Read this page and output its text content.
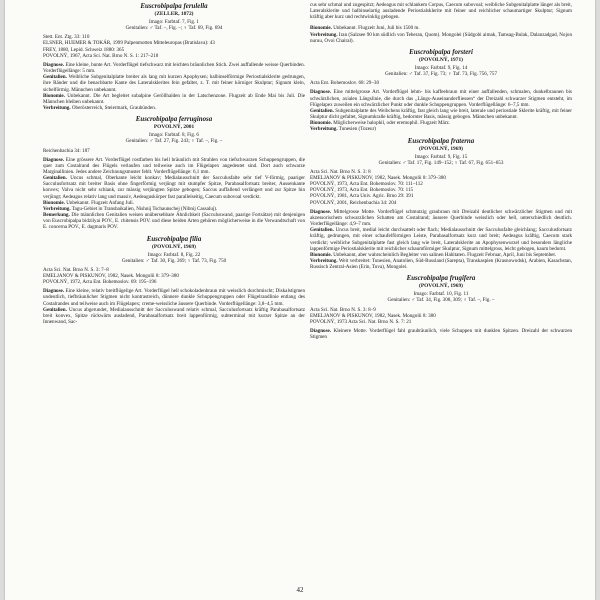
Euscrobipalpa ferulella
(ZELLER, 1872)
Imago: Farbtaf. 7, Fig. 1
Genitalien: ♂ Taf. –, Fig. –; ♀ Taf. 69, Fig. 694
Stett. Ent. Ztg. 33: 110
ELSNER, HUEMER & TOKÁR, 1999 Palpenmotten Mitteleuropas (Bratislava): 43
FREY, 1880, Lepid. Schweiz 1880: 365
POVOLNÝ, 1967, Acta Sci. Nat. Brno N. S. 1: 217–218

Diagnose. Eine kleine, bunte Art. Vorderflügel tiefschwarz mit leichten bräunlichen Stich. Zwei auffallende weisse Querbinden. Vorderflügellänge: 5 mm.

Genitalien. Weibliche Subgenitalplatte breiter als lang mit kurzen Apophysen; halbinselförmige Periostialsklerite gedrungen, ihre Ränder und die benachbarte Kante des Lateralsklerites fein gefaltet, z. T. mit feiner körniger Skulptur; Signum klein, sichelförmig. Männchen unbekannt.

Bionomie. Unbekannt. Die Art begleitet subalpine Geröllhalden in der Latschenzone. Flugzeit ab Ende Mai bis Juli. Die Männchen bleiben unbekannt.

Verbreitung. Oberösterreich, Steiermark, Graubünden.

Euscrobipalpa ferruginosa
POVOLNÝ, 2001
Imago: Farbtaf. 8, Fig. 6
Genitalien: ♂ Taf. 27, Fig. 243; ♀ Taf. –, Fig. –
Reichenbachia 34: 187

Diagnose. Eine grössere Art. Vorderflügel rostfarben bis hell bräunlich mit Strahlen von tiefschwarzen Schuppengruppen, die quer zum Costalrand des Flügels verlaufen und teilweise auch im Flügelapex angedeutet sind. Dort auch schwarze Marginallinien. Jedes andere Zeichnungsmuster fehlt. Vorderflügellänge: 6,1 mm.

Genitalien. Uncus schmal, Oberkante leicht konkav; Medialausschnitt der Sacculusfalte sehr tief V-förmig, paariger Sacculusfortsatz mit breiter Basis ohne fingerförmig verjüngt mit stumpfer Spitze, Parabasalfortsatz breiter, Aussenkante konvex; Valva nicht sehr schlank, zur mässig verjüngten Spitze gebogen; Saccus auffallend verlängert und zur Spitze hin verjüngt; Aedeagus relativ lang und massiv, Aedeaguskörper fast parallelseitig, Caecum subovoal verdickt.

Bionomie. Unbekannt. Flugzeit Anfang Juli.

Verbreitung. Tagu-Gebiet in Transbaikalien, Nishnij Tschaunschej (Nibnij Cassaluj).

Bemerkung. Die männlichen Genitalien weisen unübersehbare Ähnlichkeit (Sacculuswand, paarige Fortsätze) mit denjenigen von Euscrobipalpa bidzilyai POV., E. chitensis POV. und diese beiden Arten gehören möglicherweise in die Verwandtschaft von E. concerna POV., E. dagmaris POV.

Euscrobipalpa filia
(POVOLNÝ, 1969)
Imago: Farbtaf. 8, Fig. 22
Genitalien: ♂ Taf. 30, Fig. 269; ♀ Taf. 73, Fig. 750
Acta Sci. Nat. Brno N. S. 3: 7–8
EMELJANOV & PISKUNOV, 1982, Nasek. Mongolii 8: 379–380
POVOLNÝ, 1972, Acta Ent. Bohemoslov. 69: 195–196

Diagnose. Eine kleine, relativ breitflügelige Art. Vorderflügel hell schokoladenbraun mit weisslich durchmischt; Diskalstigmen undeutlich, tiefbräunlicher Stigmen nicht kontrastreich, dünnere dunkle Schuppengruppen oder Flügelrandlinie entlang des Costalrandes und teilweise auch im Flügelapex; creme-weissliche äussere Querbinde. Vorderflügellänge: 3,8–4,5 mm.

Genitalien. Uncus abgerundet, Medialausschnitt der Sacculuswand relativ schmal, Sacculusfortsatz kräftig Parabasalfortsatz breit konvex, Spitze rückwärts ausladend, Parabasalfortsatz breit lappenförmig, subterminal mit kurzer Spitze an der Innenwand, Sac-

cus sehr schmal und zugespitzt; Aedeagus mit schlankem Corpus, Caecum subovoal; weibliche Subgenitalplatte länger als breit, Lateralsklerite und halbinselartig ausladende Periostialsklerite mit feiner und reichlicher schaumartiger Skulptur; Signum kräftig aber kurz und rechtwinklig gebogen.

Bionomie. Unbekannt. Flugzeit Juni, Juli bis 1500 m.

Verbreitung. Iran (Salzsee 90 km südlich von Teheran, Quom). Mongolei (Südgobi aimak, Tamsag-Bulak, Dalanzadgad, Nojon nuruu, Ovoi Chairal).

Euscrobipalpa forsteri
(POVOLNÝ, 1971)
Imago: Farbtaf. 9, Fig. 14
Genitalien: ♂ Taf. 37, Fig. 73; ♀ Taf. 73, Fig. 756, 757
Acta Ent. Bohemoslov. 68: 29–30

Diagnose. Eine mittelgrosse Art. Vorderflügel lehm- bis kaffeebraun mit einer auffallenden, schmalen, dunkelbraunen bis schwärzlichen, axialen Längslinie, die durch das „Längs-Auseinanderfliessen“ der Dreizahl schwarzer Stigmen entsteht, im Flügelapex zuweilen ein schwärzlicher Punkt oder dunkle Schuppengruppen. Vorderflügellänge: 6–7,5 mm.

Genitalien. Subgenitalplatte des Weibchens kräftig, fast gleich lang wie breit, laterale und periostiale Sklerite kräftig, mit feiner Skulptur dicht gefaltet, Signumkralle kräftig, bedornter Basis, mässig gebogen. Männchen unbekannt.

Bionomie. Möglicherweise halophil, oder eremophil. Flugzeit März.

Verbreitung. Tunesien (Tozeur)

Euscrobipalpa fraterna
(POVOLNÝ, 1969)
Imago: Farbtaf. 9, Fig. 15
Genitalien: ♂ Taf. 17, Fig. 149–152; ♀ Taf. 67, Fig. 651–653
Acta Sci. Nat. Brno N. S. 3: 8
EMELJANOV & PISKUNOV, 1982, Nasek. Mongolii 8: 379–380
POVOLNÝ, 1973, Acta Ent. Bohemoslov. 70: 111–112
POVOLNÝ, 1973, Acta Ent. Bohemoslov. 70: 115
POVOLNÝ, 1981, Acta Univ. Agric. Brno 29: 391
POVOLNÝ, 2001, Reichenbachia 34: 204

Diagnose. Mittelgrosse Motte. Vorderflügel schmutzig graubraun mit Dreizahl deutlicher schwärzlicher Stigmen und mit akzessorischem schwarzlichen Schatten am Costalrand; äussere Querbinde weisslich oder hell, unterschiedlich deutlich. Vorderflügellänge: 4,9–7 mm.

Genitalien. Uncus breit, medial leicht durchsattelt oder flach; Medialausschnitt der Sacculusfalte gleichlang; Sacculusfortsatz kräftig, gedrungen, mit einer schaufelförmigen Leiste, Parabasalfortsatz kurz und breit; Aedeagus kräftig, Caecum stark verdickt; weibliche Subgenitalplatte fast gleich lang wie breit, Lateralsklerite an Apophysenwurzel und besonders längliche lappenförmige Periostialsklerite mit reichlicher schaumförmiger Skulptur, Signum mittelgross, leicht gebogen, kaum bedornt.

Bionomie. Unbekannt, aber wahrscheinlich Begleiter von salinen Habitaten. Flugzeit Februar, April, Juni bis September.

Verbreitung. Weit verbreitet: Tunesien, Anatolien, Süd-Russland (Sarepta), Transkaspien (Krasnowodsk), Arabien, Kasachstan, Russisch Zentral-Asien (Erin, Tuva), Mongolei.

Euscrobipalpa frugifera
(POVOLNÝ, 1969)
Imago: Farbtaf. 10, Fig. 11
Genitalien: ♂ Taf. 34, Fig. 308, 309; ♀ Taf. –, Fig. –
Acta Sci. Nat. Brno N. S. 3: 8–9
EMELJANOV & PISKUNOV, 1982, Nasek. Mongolii 8: 380
POVOLNÝ, 1973 Acta Sci. Nat. Brno N. S. 7: 21

Diagnose. Kleinere Motte. Vorderflügel fahl graubräunlich, viele Schuppen mit dunklen Spitzen. Dreizahl der schwarzen Stigmen

42
